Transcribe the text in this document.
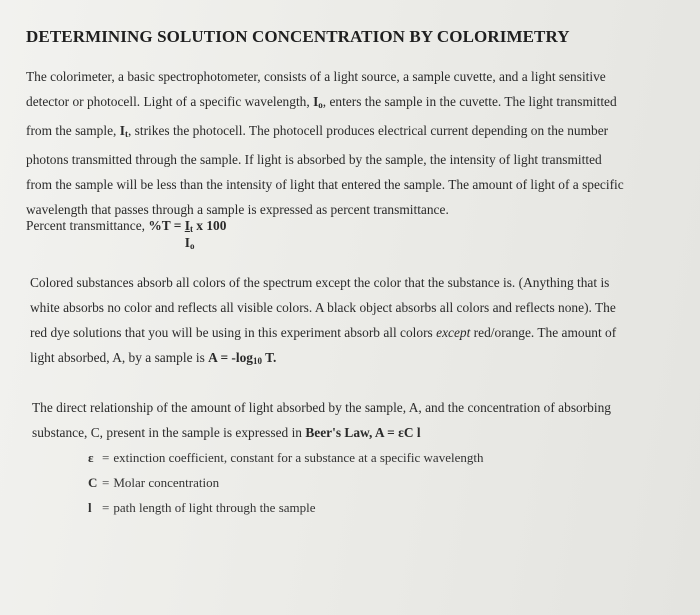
DETERMINING SOLUTION CONCENTRATION BY COLORIMETRY
The colorimeter, a basic spectrophotometer, consists of a light source, a sample cuvette, and a light sensitive
detector or photocell. Light of a specific wavelength, $I_o$, enters the sample in the cuvette. The light transmitted
from the sample, $I_t$, strikes the photocell. The photocell produces electrical current depending on the number
photons transmitted through the sample. If light is absorbed by the sample, the intensity of light transmitted
from the sample will be less than the intensity of light that entered the sample. The amount of light of a specific
wavelength that passes through a sample is expressed as percent transmittance.
Percent transmittance, $\%T = \frac{I_t}{I_o}$ x 100
Colored substances absorb all colors of the spectrum except the color that the substance is. (Anything that is
white absorbs no color and reflects all visible colors. A black object absorbs all colors and reflects none). The
red dye solutions that you will be using in this experiment absorb all colors except red/orange. The amount of
light absorbed, A, by a sample is $A = -\log_{10}$ T.
The direct relationship of the amount of light absorbed by the sample, A, and the concentration of absorbing
substance, C, present in the sample is expressed in Beer's Law, A = εC l
ε = extinction coefficient, constant for a substance at a specific wavelength
C = Molar concentration
l = path length of light through the sample
